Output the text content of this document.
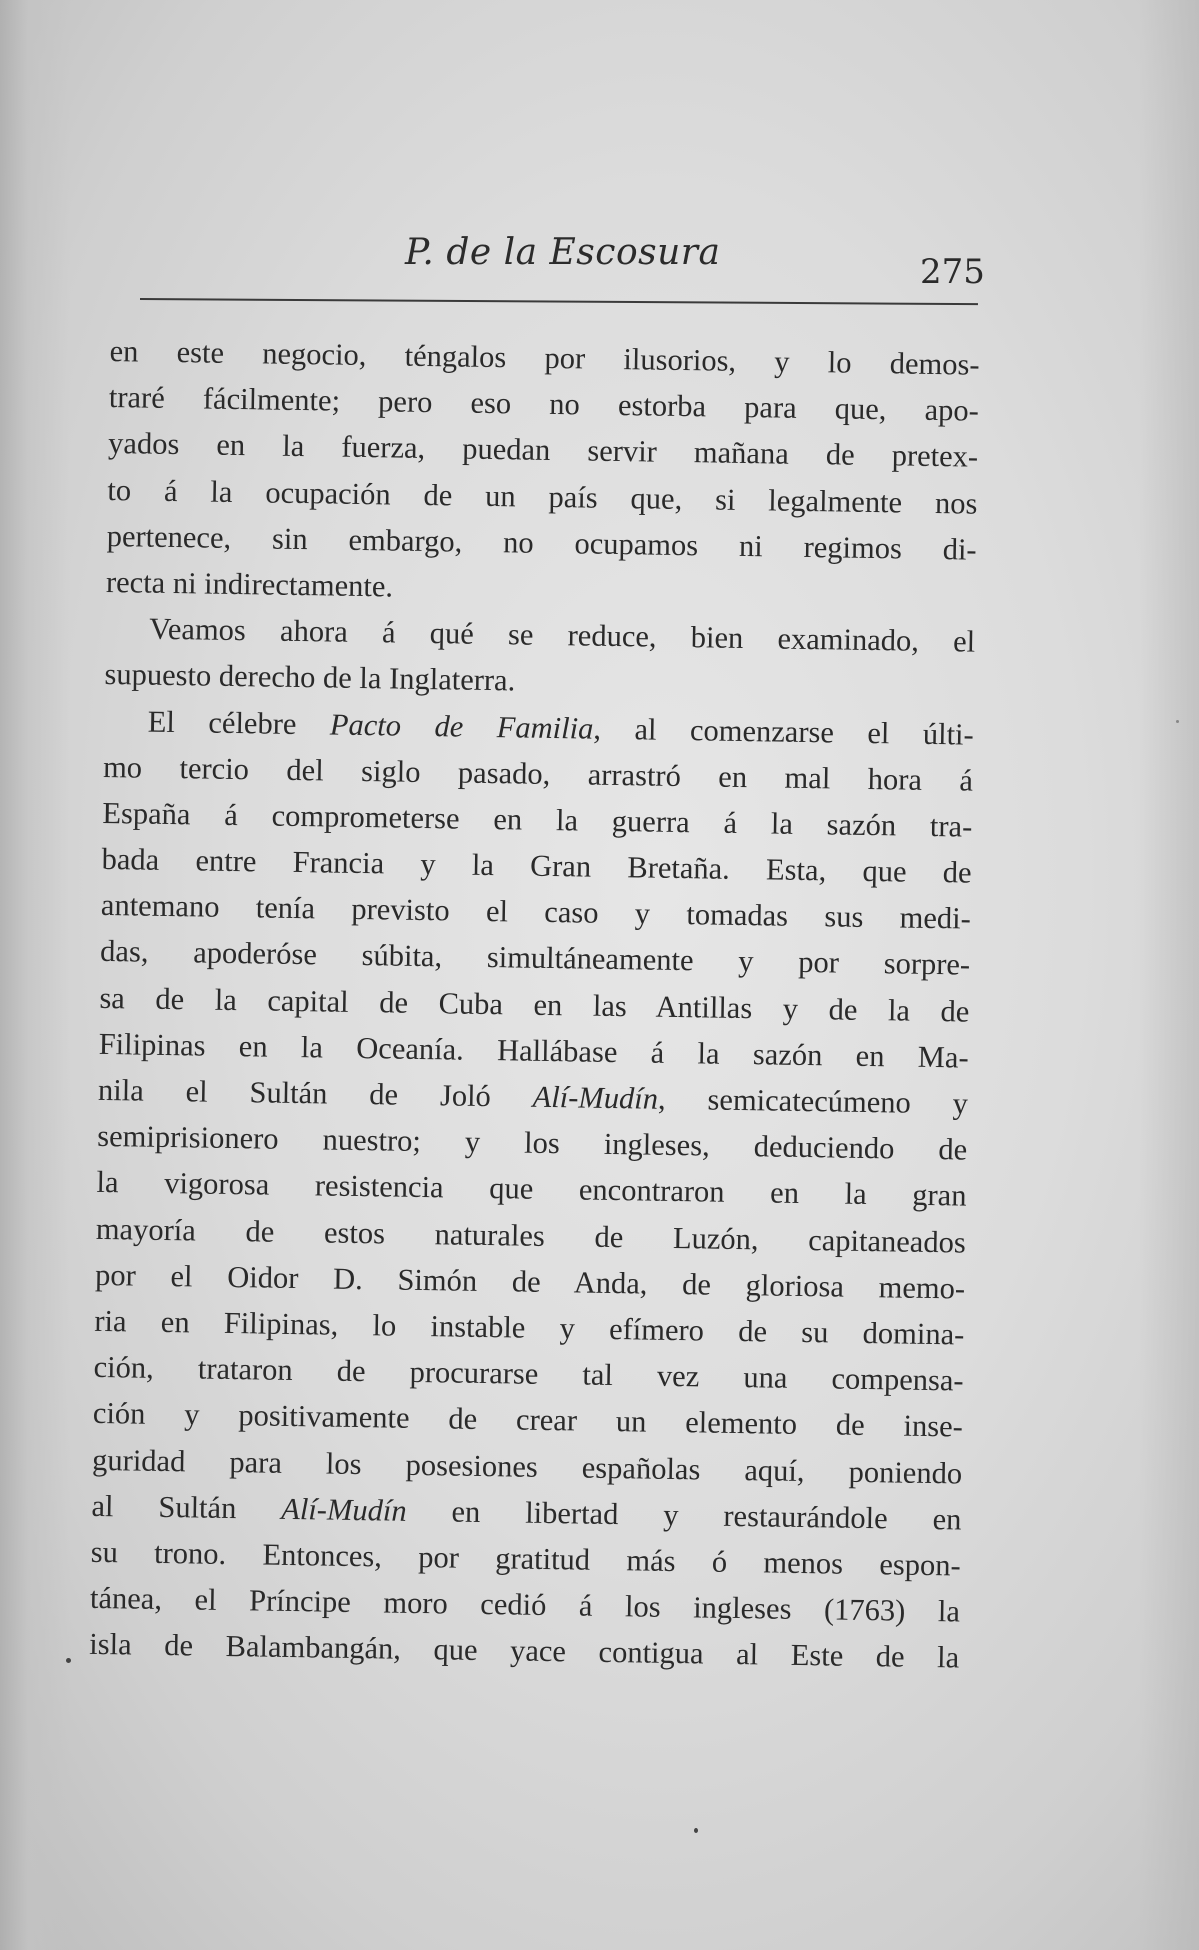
P. de la Escosura	275
en este negocio, téngalos por ilusorios, y lo demos-
traré fácilmente; pero eso no estorba para que, apo-
yados en la fuerza, puedan servir mañana de pretex-
to á la ocupación de un país que, si legalmente nos
pertenece, sin embargo, no ocupamos ni regimos di-
recta ni indirectamente.
Veamos ahora á qué se reduce, bien examinado, el
supuesto derecho de la Inglaterra.
El célebre Pacto de Familia, al comenzarse el últi-
mo tercio del siglo pasado, arrastró en mal hora á
España á comprometerse en la guerra á la sazón tra-
bada entre Francia y la Gran Bretaña. Esta, que de
antemano tenía previsto el caso y tomadas sus medi-
das, apoderóse súbita, simultáneamente y por sorpre-
sa de la capital de Cuba en las Antillas y de la de
Filipinas en la Oceanía. Hallábase á la sazón en Ma-
nila el Sultán de Joló Alí-Mudín, semicatecúmeno y
semiprisionero nuestro; y los ingleses, deduciendo de
la vigorosa resistencia que encontraron en la gran
mayoría de estos naturales de Luzón, capitaneados
por el Oidor D. Simón de Anda, de gloriosa memo-
ria en Filipinas, lo instable y efímero de su domina-
ción, trataron de procurarse tal vez una compensa-
ción y positivamente de crear un elemento de inse-
guridad para los posesiones españolas aquí, poniendo
al Sultán Alí-Mudín en libertad y restaurándole en
su trono. Entonces, por gratitud más ó menos espon-
tánea, el Príncipe moro cedió á los ingleses (1763) la
isla de Balambangán, que yace contigua al Este de la
